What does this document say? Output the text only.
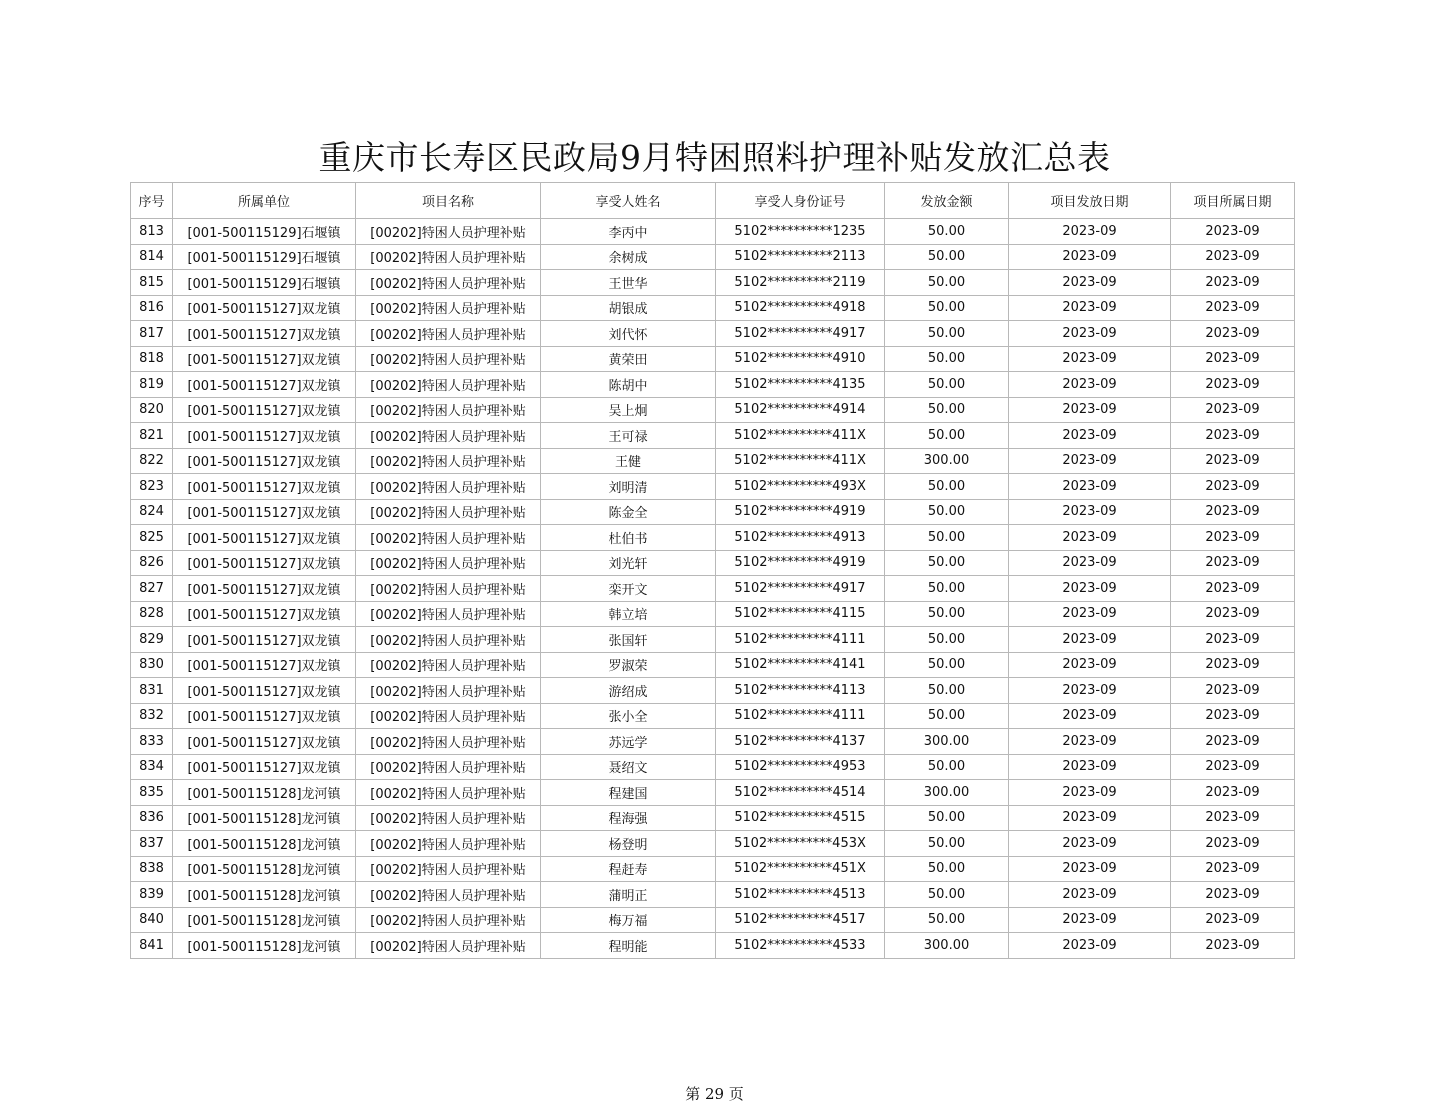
重庆市长寿区民政局9月特困照料护理补贴发放汇总表
序号	所属单位	项目名称	享受人姓名	享受人身份证号	发放金额	项目发放日期	项目所属日期
813	[001-500115129]石堰镇	[00202]特困人员护理补贴	李丙中	5102**********1235	50.00	2023-09	2023-09
814	[001-500115129]石堰镇	[00202]特困人员护理补贴	余树成	5102**********2113	50.00	2023-09	2023-09
815	[001-500115129]石堰镇	[00202]特困人员护理补贴	王世华	5102**********2119	50.00	2023-09	2023-09
816	[001-500115127]双龙镇	[00202]特困人员护理补贴	胡银成	5102**********4918	50.00	2023-09	2023-09
817	[001-500115127]双龙镇	[00202]特困人员护理补贴	刘代怀	5102**********4917	50.00	2023-09	2023-09
818	[001-500115127]双龙镇	[00202]特困人员护理补贴	黄荣田	5102**********4910	50.00	2023-09	2023-09
819	[001-500115127]双龙镇	[00202]特困人员护理补贴	陈胡中	5102**********4135	50.00	2023-09	2023-09
820	[001-500115127]双龙镇	[00202]特困人员护理补贴	吴上炯	5102**********4914	50.00	2023-09	2023-09
821	[001-500115127]双龙镇	[00202]特困人员护理补贴	王可禄	5102**********411X	50.00	2023-09	2023-09
822	[001-500115127]双龙镇	[00202]特困人员护理补贴	王健	5102**********411X	300.00	2023-09	2023-09
823	[001-500115127]双龙镇	[00202]特困人员护理补贴	刘明清	5102**********493X	50.00	2023-09	2023-09
824	[001-500115127]双龙镇	[00202]特困人员护理补贴	陈金全	5102**********4919	50.00	2023-09	2023-09
825	[001-500115127]双龙镇	[00202]特困人员护理补贴	杜伯书	5102**********4913	50.00	2023-09	2023-09
826	[001-500115127]双龙镇	[00202]特困人员护理补贴	刘光轩	5102**********4919	50.00	2023-09	2023-09
827	[001-500115127]双龙镇	[00202]特困人员护理补贴	栾开文	5102**********4917	50.00	2023-09	2023-09
828	[001-500115127]双龙镇	[00202]特困人员护理补贴	韩立培	5102**********4115	50.00	2023-09	2023-09
829	[001-500115127]双龙镇	[00202]特困人员护理补贴	张国轩	5102**********4111	50.00	2023-09	2023-09
830	[001-500115127]双龙镇	[00202]特困人员护理补贴	罗淑荣	5102**********4141	50.00	2023-09	2023-09
831	[001-500115127]双龙镇	[00202]特困人员护理补贴	游绍成	5102**********4113	50.00	2023-09	2023-09
832	[001-500115127]双龙镇	[00202]特困人员护理补贴	张小全	5102**********4111	50.00	2023-09	2023-09
833	[001-500115127]双龙镇	[00202]特困人员护理补贴	苏远学	5102**********4137	300.00	2023-09	2023-09
834	[001-500115127]双龙镇	[00202]特困人员护理补贴	聂绍文	5102**********4953	50.00	2023-09	2023-09
835	[001-500115128]龙河镇	[00202]特困人员护理补贴	程建国	5102**********4514	300.00	2023-09	2023-09
836	[001-500115128]龙河镇	[00202]特困人员护理补贴	程海强	5102**********4515	50.00	2023-09	2023-09
837	[001-500115128]龙河镇	[00202]特困人员护理补贴	杨登明	5102**********453X	50.00	2023-09	2023-09
838	[001-500115128]龙河镇	[00202]特困人员护理补贴	程赶寿	5102**********451X	50.00	2023-09	2023-09
839	[001-500115128]龙河镇	[00202]特困人员护理补贴	蒲明正	5102**********4513	50.00	2023-09	2023-09
840	[001-500115128]龙河镇	[00202]特困人员护理补贴	梅万福	5102**********4517	50.00	2023-09	2023-09
841	[001-500115128]龙河镇	[00202]特困人员护理补贴	程明能	5102**********4533	300.00	2023-09	2023-09
第 29 页
